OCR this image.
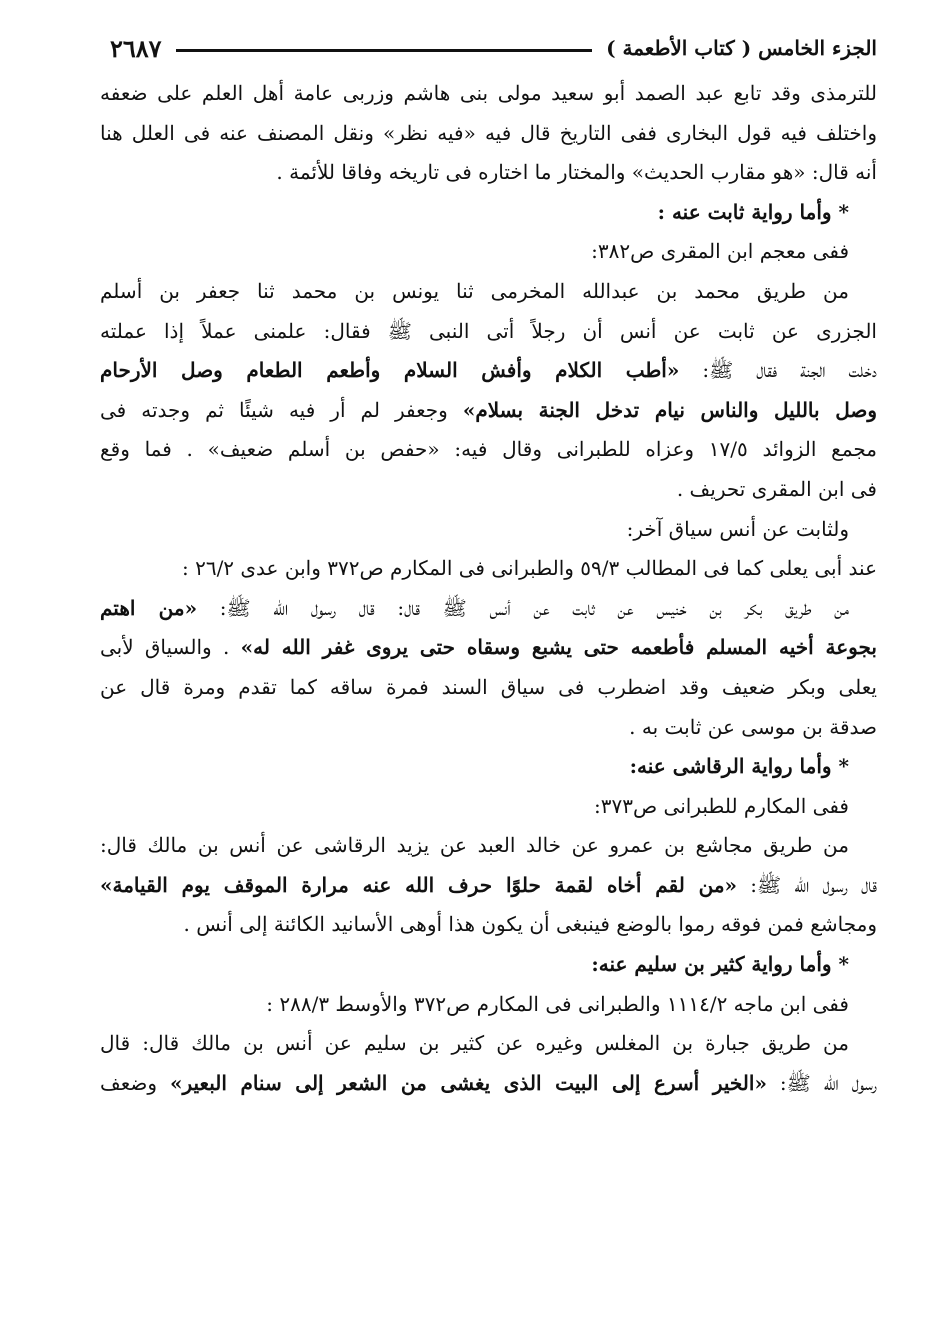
الجزء الخامس ( كتاب الأطعمة )
٢٦٨٧
للترمذى وقد تابع عبد الصمد أبو سعيد مولى بنى هاشم وزربى عامة أهل العلم على ضعفه
واختلف فيه قول البخارى ففى التاريخ قال فيه «فيه نظر» ونقل المصنف عنه فى العلل هنا
أنه قال: «هو مقارب الحديث» والمختار ما اختاره فى تاريخه وفاقا للأئمة .
* وأما رواية ثابت عنه :
ففى معجم ابن المقرى ص٣٨٢:
من طريق محمد بن عبدالله المخرمى ثنا يونس بن محمد ثنا جعفر بن أسلم
الجزرى عن ثابت عن أنس أن رجلاً أتى النبى ﷺ فقال: علمنى عملاً إذا عملته
دخلت الجنة فقال ﷺ: «أطب الكلام وأفش السلام وأطعم الطعام وصل الأرحام
وصل بالليل والناس نيام تدخل الجنة بسلام» وجعفر لم أر فيه شيئًا ثم وجدته فى
مجمع الزوائد ١٧/٥ وعزاه للطبرانى وقال فيه: «حفص بن أسلم ضعيف» . فما وقع
فى ابن المقرى تحريف .
ولثابت عن أنس سياق آخر:
عند أبى يعلى كما فى المطالب ٥٩/٣ والطبرانى فى المكارم ص٣٧٢ وابن عدى ٢٦/٢ :
من طريق بكر بن خنيس عن ثابت عن أنس ﷺ قال: قال رسول الله ﷺ: «من اهتم
بجوعة أخيه المسلم فأطعمه حتى يشبع وسقاه حتى يروى غفر الله له» . والسياق لأبى
يعلى وبكر ضعيف وقد اضطرب فى سياق السند فمرة ساقه كما تقدم ومرة قال عن
صدقة بن موسى عن ثابت به .
* وأما رواية الرقاشى عنه:
ففى المكارم للطبرانى ص٣٧٣:
من طريق مجاشع بن عمرو عن خالد العبد عن يزيد الرقاشى عن أنس بن مالك قال:
قال رسول الله ﷺ: «من لقم أخاه لقمة حلوًا حرف الله عنه مرارة الموقف يوم القيامة»
ومجاشع فمن فوقه رموا بالوضع فينبغى أن يكون هذا أوهى الأسانيد الكائنة إلى أنس .
* وأما رواية كثير بن سليم عنه:
ففى ابن ماجه ١١١٤/٢ والطبرانى فى المكارم ص٣٧٢ والأوسط ٢٨٨/٣ :
من طريق جبارة بن المغلس وغيره عن كثير بن سليم عن أنس بن مالك قال: قال
رسول الله ﷺ: «الخير أسرع إلى البيت الذى يغشى من الشعر إلى سنام البعير» وضعف
